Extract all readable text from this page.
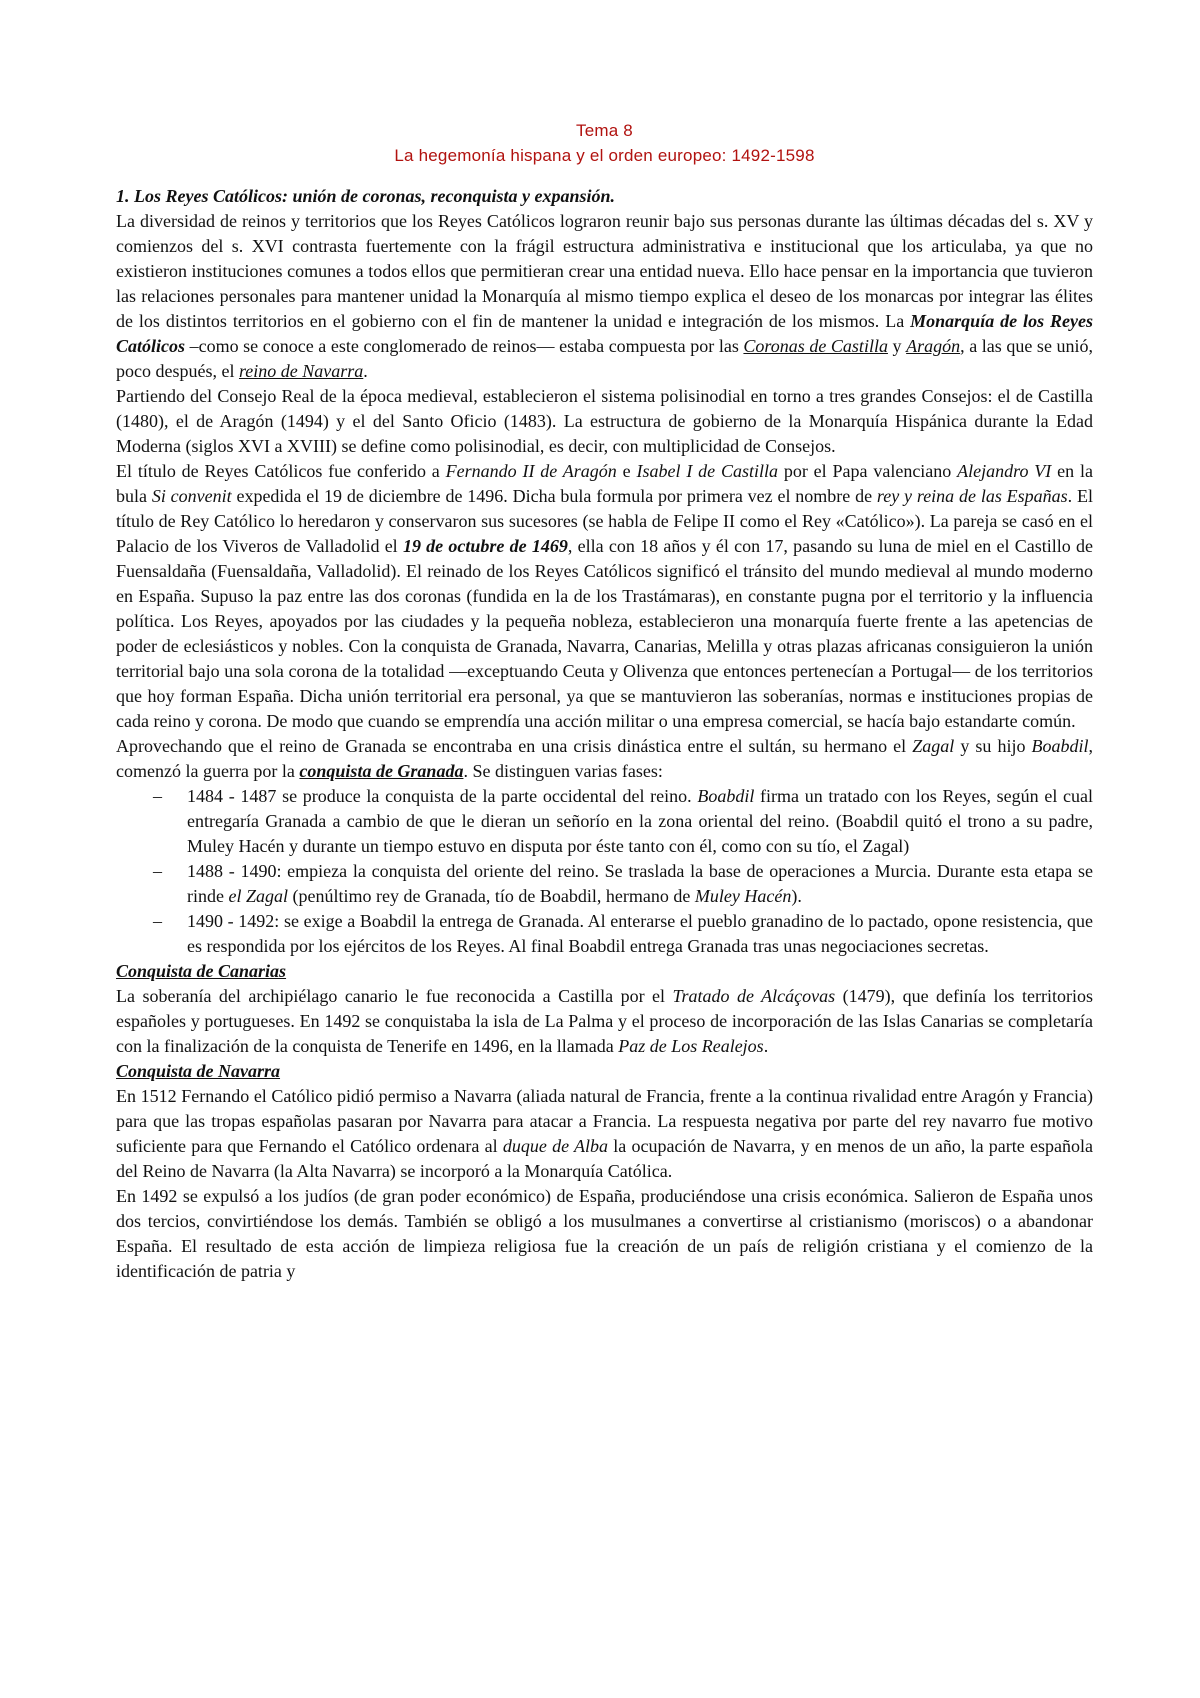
Tema 8
La hegemonía hispana y el orden europeo: 1492-1598

1. Los Reyes Católicos: unión de coronas, reconquista y expansión.

La diversidad de reinos y territorios que los Reyes Católicos lograron reunir bajo sus personas durante las últimas décadas del s. XV y comienzos del s. XVI contrasta fuertemente con la frágil estructura administrativa e institucional que los articulaba, ya que no existieron instituciones comunes a todos ellos que permitieran crear una entidad nueva. Ello hace pensar en la importancia que tuvieron las relaciones personales para mantener unidad la Monarquía al mismo tiempo explica el deseo de los monarcas por integrar las élites de los distintos territorios en el gobierno con el fin de mantener la unidad e integración de los mismos. La Monarquía de los Reyes Católicos –como se conoce a este conglomerado de reinos— estaba compuesta por las Coronas de Castilla y Aragón, a las que se unió, poco después, el reino de Navarra.

Partiendo del Consejo Real de la época medieval, establecieron el sistema polisinodial en torno a tres grandes Consejos: el de Castilla (1480), el de Aragón (1494) y el del Santo Oficio (1483). La estructura de gobierno de la Monarquía Hispánica durante la Edad Moderna (siglos XVI a XVIII) se define como polisinodial, es decir, con multiplicidad de Consejos.

El título de Reyes Católicos fue conferido a Fernando II de Aragón e Isabel I de Castilla por el Papa valenciano Alejandro VI en la bula Si convenit expedida el 19 de diciembre de 1496. Dicha bula formula por primera vez el nombre de rey y reina de las Españas. El título de Rey Católico lo heredaron y conservaron sus sucesores (se habla de Felipe II como el Rey «Católico»). La pareja se casó en el Palacio de los Viveros de Valladolid el 19 de octubre de 1469, ella con 18 años y él con 17, pasando su luna de miel en el Castillo de Fuensaldaña (Fuensaldaña, Valladolid). El reinado de los Reyes Católicos significó el tránsito del mundo medieval al mundo moderno en España. Supuso la paz entre las dos coronas (fundida en la de los Trastámaras), en constante pugna por el territorio y la influencia política. Los Reyes, apoyados por las ciudades y la pequeña nobleza, establecieron una monarquía fuerte frente a las apetencias de poder de eclesiásticos y nobles. Con la conquista de Granada, Navarra, Canarias, Melilla y otras plazas africanas consiguieron la unión territorial bajo una sola corona de la totalidad —exceptuando Ceuta y Olivenza que entonces pertenecían a Portugal— de los territorios que hoy forman España. Dicha unión territorial era personal, ya que se mantuvieron las soberanías, normas e instituciones propias de cada reino y corona. De modo que cuando se emprendía una acción militar o una empresa comercial, se hacía bajo estandarte común.

Aprovechando que el reino de Granada se encontraba en una crisis dinástica entre el sultán, su hermano el Zagal y su hijo Boabdil, comenzó la guerra por la conquista de Granada. Se distinguen varias fases:

– 1484 - 1487 se produce la conquista de la parte occidental del reino. Boabdil firma un tratado con los Reyes, según el cual entregaría Granada a cambio de que le dieran un señorío en la zona oriental del reino. (Boabdil quitó el trono a su padre, Muley Hacén y durante un tiempo estuvo en disputa por éste tanto con él, como con su tío, el Zagal)
– 1488 - 1490: empieza la conquista del oriente del reino. Se traslada la base de operaciones a Murcia. Durante esta etapa se rinde el Zagal (penúltimo rey de Granada, tío de Boabdil, hermano de Muley Hacén).
– 1490 - 1492: se exige a Boabdil la entrega de Granada. Al enterarse el pueblo granadino de lo pactado, opone resistencia, que es respondida por los ejércitos de los Reyes. Al final Boabdil entrega Granada tras unas negociaciones secretas.

Conquista de Canarias

La soberanía del archipiélago canario le fue reconocida a Castilla por el Tratado de Alcáçovas (1479), que definía los territorios españoles y portugueses. En 1492 se conquistaba la isla de La Palma y el proceso de incorporación de las Islas Canarias se completaría con la finalización de la conquista de Tenerife en 1496, en la llamada Paz de Los Realejos.

Conquista de Navarra

En 1512 Fernando el Católico pidió permiso a Navarra (aliada natural de Francia, frente a la continua rivalidad entre Aragón y Francia) para que las tropas españolas pasaran por Navarra para atacar a Francia. La respuesta negativa por parte del rey navarro fue motivo suficiente para que Fernando el Católico ordenara al duque de Alba la ocupación de Navarra, y en menos de un año, la parte española del Reino de Navarra (la Alta Navarra) se incorporó a la Monarquía Católica.

En 1492 se expulsó a los judíos (de gran poder económico) de España, produciéndose una crisis económica. Salieron de España unos dos tercios, convirtiéndose los demás. También se obligó a los musulmanes a convertirse al cristianismo (moriscos) o a abandonar España. El resultado de esta acción de limpieza religiosa fue la creación de un país de religión cristiana y el comienzo de la identificación de patria y
